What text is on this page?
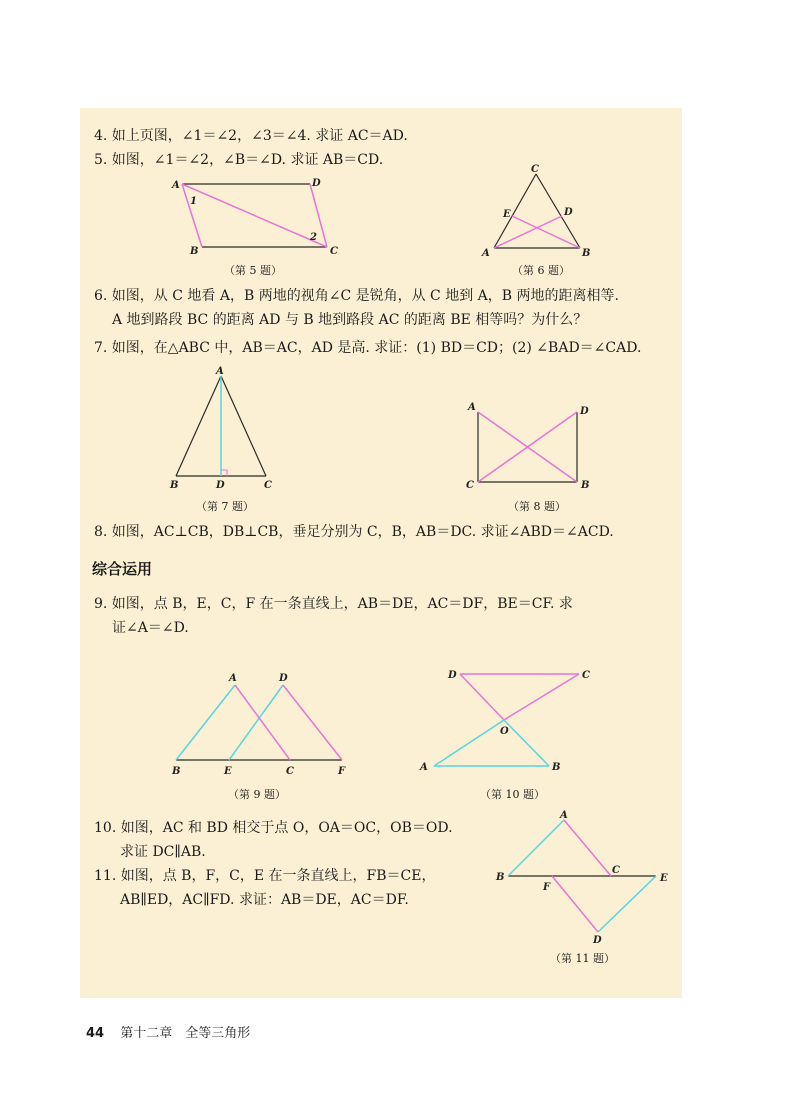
4. 如上页图，∠1＝∠2，∠3＝∠4. 求证 AC＝AD.
5. 如图，∠1＝∠2，∠B＝∠D. 求证 AB＝CD.
A	D
B	C
1
2
（第 5 题）
C
E	D
A	B
（第 6 题）
6. 如图，从 C 地看 A，B 两地的视角∠C 是锐角，从 C 地到 A，B 两地的距离相等.
A 地到路段 BC 的距离 AD 与 B 地到路段 AC 的距离 BE 相等吗？为什么？
7. 如图，在△ABC 中，AB＝AC，AD 是高. 求证：(1) BD＝CD；(2) ∠BAD＝∠CAD.
A
B	D	C
（第 7 题）
A	D
C	B
（第 8 题）
8. 如图，AC⊥CB，DB⊥CB，垂足分别为 C，B，AB＝DC. 求证∠ABD＝∠ACD.
综合运用
9. 如图，点 B，E，C，F 在一条直线上，AB＝DE，AC＝DF，BE＝CF. 求
证∠A＝∠D.
A	D
B	E	C	F
（第 9 题）
D	C
O
A	B
（第 10 题）
10. 如图，AC 和 BD 相交于点 O，OA＝OC，OB＝OD.
求证 DC∥AB.
11. 如图，点 B，F，C，E 在一条直线上，FB＝CE，
AB∥ED，AC∥FD. 求证：AB＝DE，AC＝DF.
A
B
F
C
E
D
（第 11 题）
44 第十二章　全等三角形
